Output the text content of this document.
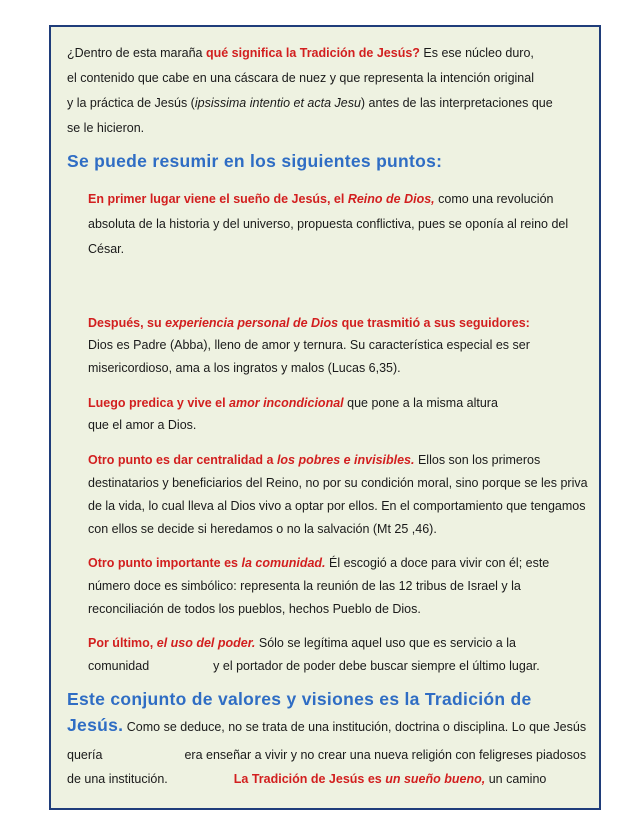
¿Dentro de esta maraña qué significa la Tradición de Jesús? Es ese núcleo duro,
el contenido que cabe en una cáscara de nuez y que representa la intención original
y la práctica de Jesús (ipsissima intentio et acta Jesu) antes de las interpretaciones que
se le hicieron.
Se puede resumir en los siguientes puntos:
En primer lugar viene el sueño de Jesús, el Reino de Dios, como una revolución
absoluta de la historia y del universo, propuesta conflictiva, pues se oponía al reino del
César.
Después, su experiencia personal de Dios que trasmitió a sus seguidores:
Dios es Padre (Abba), lleno de amor y ternura. Su característica especial es ser
misericordioso, ama a los ingratos y malos (Lucas 6,35).
Luego predica y vive el amor incondicional que pone a la misma altura
que el amor a Dios.
Otro punto es dar centralidad a los pobres e invisibles. Ellos son los primeros
destinatarios y beneficiarios del Reino, no por su condición moral, sino porque se les priva
de la vida, lo cual lleva al Dios vivo a optar por ellos. En el comportamiento que tengamos
con ellos se decide si heredamos o no la salvación (Mt 25 ,46).
Otro punto importante es la comunidad. Él escogió a doce para vivir con él; este
número doce es simbólico: representa la reunión de las 12 tribus de Israel y la
reconciliación de todos los pueblos, hechos Pueblo de Dios.
Por último, el uso del poder. Sólo se legítima aquel uso que es servicio a la
comunidad	y el portador de poder debe buscar siempre el último lugar.
Este conjunto de valores y visiones es la Tradición de
Jesús. Como se deduce, no se trata de una institución, doctrina o disciplina. Lo que Jesús
quería	era enseñar a vivir y no crear una nueva religión con feligreses piadosos
de una institución.	La Tradición de Jesús es un sueño bueno, un camino
